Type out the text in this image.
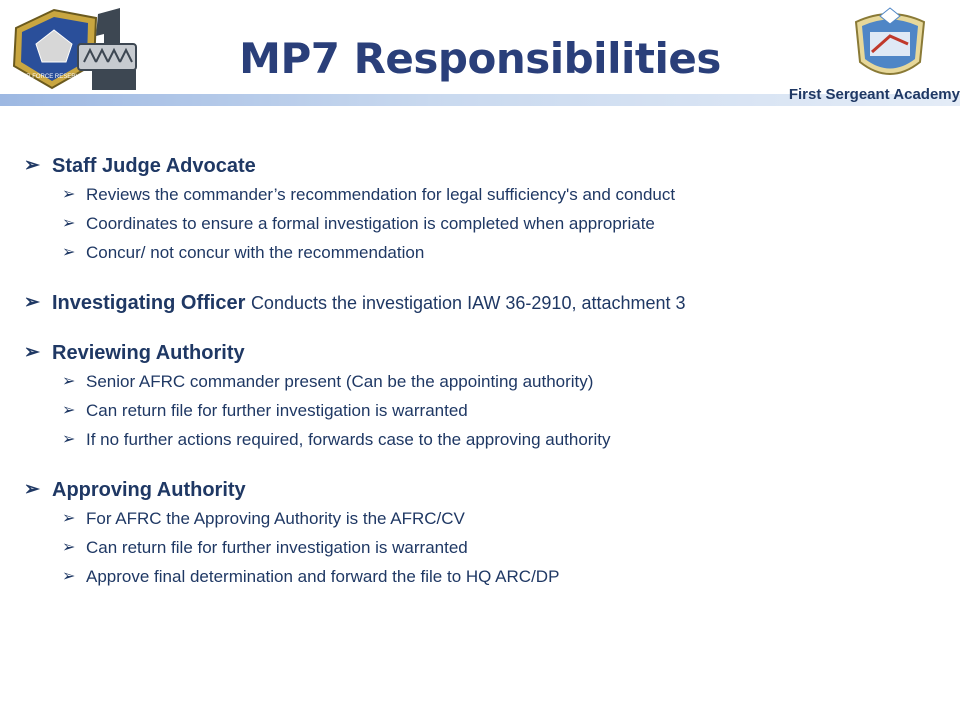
AIR FORCE RESERVE	MP7 Responsibilities
First Sergeant Academy
➢ Staff Judge Advocate
➢ Reviews the commander’s recommendation for legal sufficiency's and conduct
➢ Coordinates to ensure a formal investigation is completed when appropriate
➢ Concur/ not concur with the recommendation
➢ Investigating Officer Conducts the investigation IAW 36-2910, attachment 3
➢ Reviewing Authority
➢ Senior AFRC commander present (Can be the appointing authority)
➢ Can return file for further investigation is warranted
➢ If no further actions required, forwards case to the approving authority
➢ Approving Authority
➢ For AFRC the Approving Authority is the AFRC/CV
➢ Can return file for further investigation is warranted
➢ Approve final determination and forward the file to HQ ARC/DP
